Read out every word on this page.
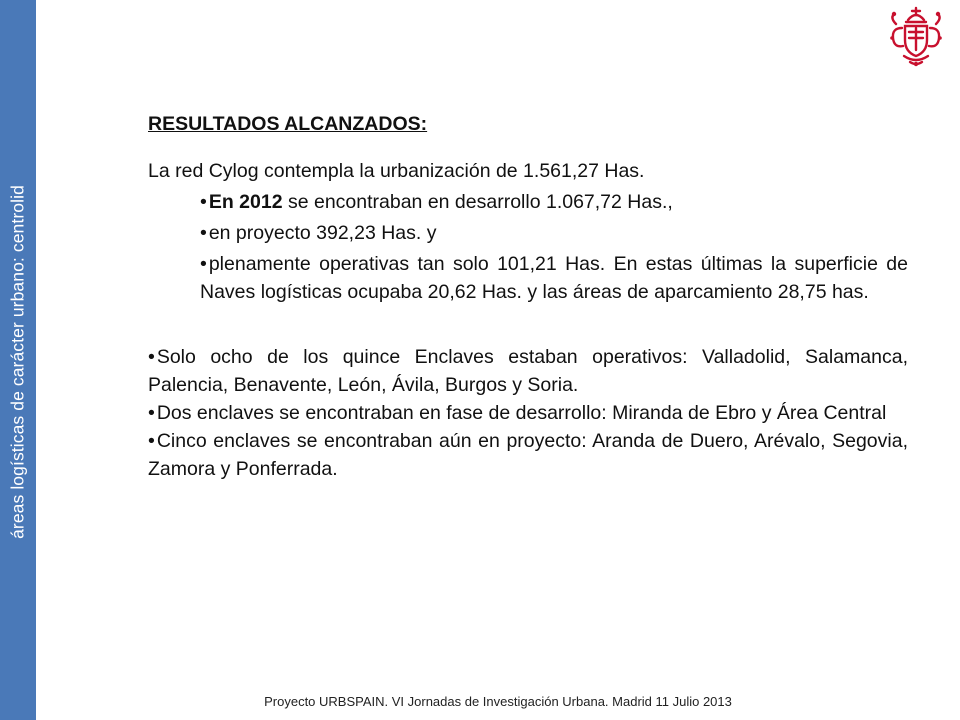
áreas logísticas de carácter urbano: centrolid

RESULTADOS ALCANZADOS:

La red Cylog contempla la urbanización de 1.561,27 Has.

• En 2012 se encontraban en desarrollo 1.067,72 Has.,

• en proyecto 392,23 Has. y

• plenamente operativas tan solo 101,21 Has. En estas últimas la superficie de Naves logísticas ocupaba 20,62 Has. y las áreas de aparcamiento 28,75 has.

• Solo ocho de los quince Enclaves estaban operativos: Valladolid, Salamanca, Palencia, Benavente, León, Ávila, Burgos y Soria.

• Dos enclaves se encontraban en fase de desarrollo: Miranda de Ebro y Área Central

• Cinco enclaves se encontraban aún en proyecto: Aranda de Duero, Arévalo, Segovia, Zamora y Ponferrada.

Proyecto URBSPAIN. VI Jornadas de Investigación Urbana. Madrid 11 Julio 2013
